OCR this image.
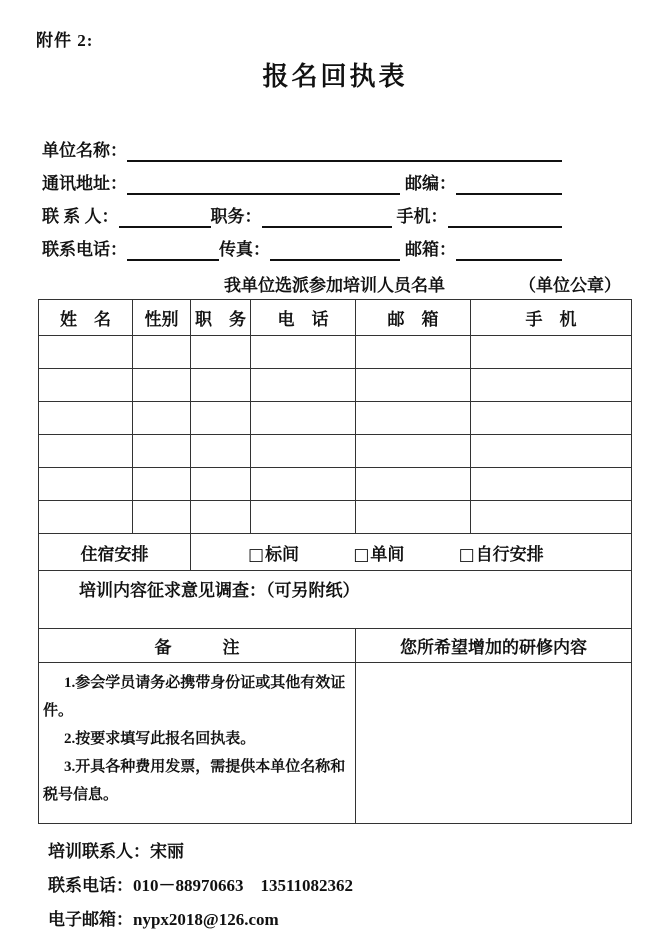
附件 2:
报名回执表
单位名称：
通讯地址：	邮编：
联 系 人：	职务：	手机：
联系电话：	传真：	邮箱：
我单位选派参加培训人员名单	（单位公章）
姓　名	性别	职　务	电　话	邮　箱	手　机

住宿安排		□标间 □单间 □自行安排			
培训内容征求意见调查：（可另附纸）					
备　　　注				您所希望增加的研修内容	

1.参会学员请务必携带身份证或其他有效证件。

2.按要求填写此报名回执表。

3.开具各种费用发票，需提供本单位名称和税号信息。					

培训联系人：宋丽
联系电话：010－88970663　13511082362
电子邮箱：nypx2018@126.com
